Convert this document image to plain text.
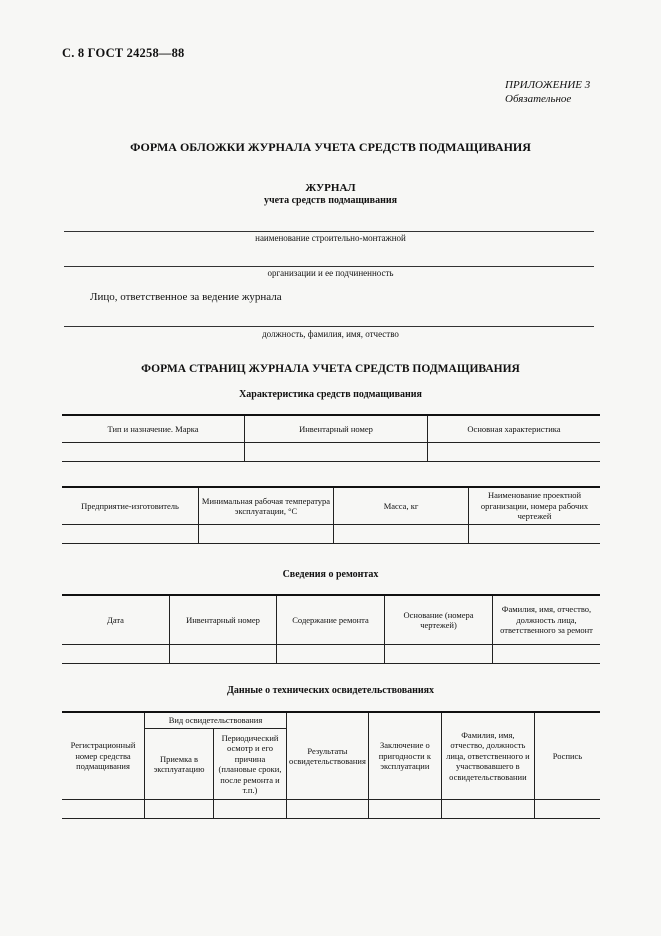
С. 8 ГОСТ 24258—88
ПРИЛОЖЕНИЕ 3
Обязательное
ФОРМА ОБЛОЖКИ ЖУРНАЛА УЧЕТА СРЕДСТВ ПОДМАЩИВАНИЯ
ЖУРНАЛ
учета средств подмащивания
наименование строительно-монтажной
организации и ее подчиненность
Лицо, ответственное за ведение журнала
должность, фамилия, имя, отчество
ФОРМА СТРАНИЦ ЖУРНАЛА УЧЕТА СРЕДСТВ ПОДМАЩИВАНИЯ
Характеристика средств подмащивания
Тип и назначение. Марка	Инвентарный номер	Основная характеристика

Предприятие-изготовитель	Минимальная рабочая температура эксплуатации, °С	Масса, кг	Наименование проектной организации, номера рабочих чертежей

Сведения о ремонтах
Дата	Инвентарный номер	Содержание ремонта	Основание (номера чертежей)	Фамилия, имя, отчество, должность лица, ответственного за ремонт

Данные о технических освидетельствованиях
Регистрационный номер средства подмащивания	Вид освидетельствования		Результаты освидетельствования	Заключение о пригодности к эксплуатации	Фамилия, имя, отчество, должность лица, ответственного и участвовавшего в освидетельствовании	Роспись
	Приемка в эксплуатацию	Периодический осмотр и его причина (плановые сроки, после ремонта и т.п.)				
